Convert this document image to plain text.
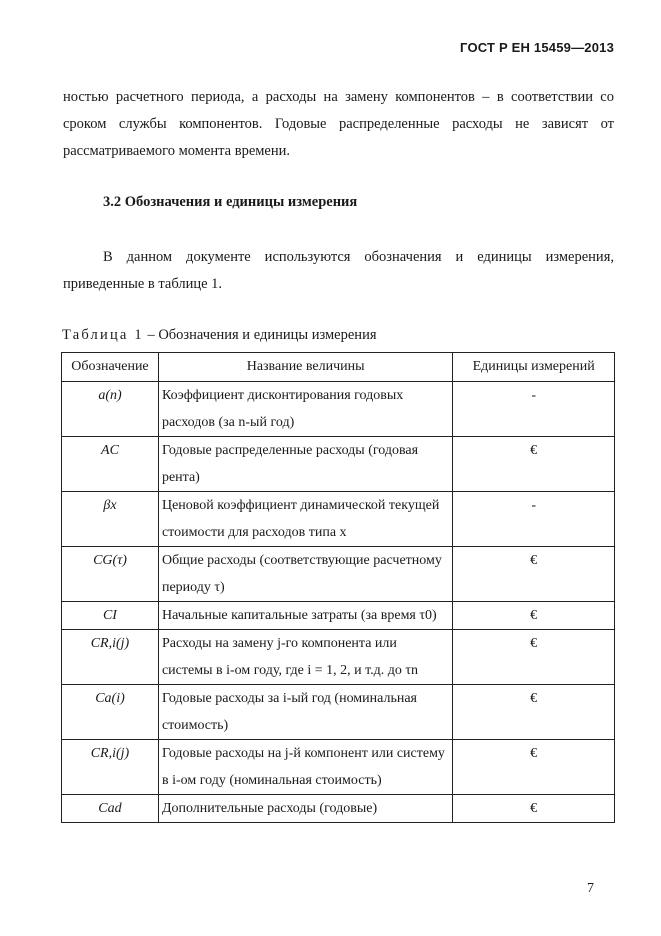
ГОСТ Р ЕН 15459—2013
ностью расчетного периода, а расходы на замену компонентов – в соответствии со сроком службы компонентов. Годовые распределенные расходы не зависят от рассматриваемого момента времени.
3.2 Обозначения и единицы измерения
В данном документе используются обозначения и единицы измерения, приведенные в таблице 1.
Таблица 1 – Обозначения и единицы измерения
Обозначение	Название величины	Единицы измерений
a(n)	Коэффициент дисконтирования годовых расходов (за n-ый год)	-
AC	Годовые распределенные расходы (годовая рента)	€
βx	Ценовой коэффициент динамической текущей стоимости для расходов типа x	-
CG(τ)	Общие расходы (соответствующие расчетному периоду τ)	€
CI	Начальные капитальные затраты (за время τ0)	€
CR,i(j)	Расходы на замену j-го компонента или системы в i-ом году, где i = 1, 2, и т.д. до τn	€
Ca(i)	Годовые расходы за i-ый год (номинальная стоимость)	€
CR,i(j)	Годовые расходы на j-й компонент или систему в i-ом году (номинальная стоимость)	€
Cad	Дополнительные расходы (годовые)	€
7
